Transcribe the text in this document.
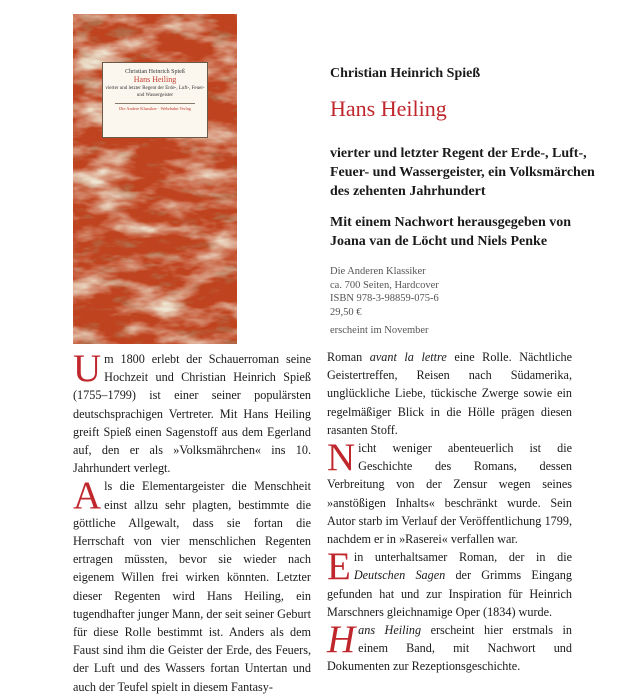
Christian Heinrich Spieß
Hans Heiling
vierter und letzter Regent der Erde-, Luft-, Feuer- und Wassergeister
Die Andere Klassiker · Wehrhahn Verlag
Christian Heinrich Spieß
Hans Heiling
vierter und letzter Regent der Erde-, Luft-, Feuer- und Wassergeister, ein Volksmärchen des zehenten Jahrhundert
Mit einem Nachwort herausgegeben von Joana van de Löcht und Niels Penke
Die Anderen Klassiker
ca. 700 Seiten, Hardcover
ISBN 978-3-98859-075-6
29,50 €
erscheint im November

Um 1800 erlebt der Schauerroman seine Hochzeit und Christian Heinrich Spieß (1755–1799) ist einer seiner populärsten deutschsprachigen Vertreter. Mit Hans Heiling greift Spieß einen Sagenstoff aus dem Egerland auf, den er als »Volksmährchen« ins 10. Jahrhundert verlegt.

Als die Elementargeister die Menschheit einst allzu sehr plagten, bestimmte die göttliche Allgewalt, dass sie fortan die Herrschaft von vier menschlichen Regenten ertragen müssten, bevor sie wieder nach eigenem Willen frei wirken könnten. Letzter dieser Regenten wird Hans Heiling, ein tugendhafter junger Mann, der seit seiner Geburt für diese Rolle bestimmt ist. Anders als dem Faust sind ihm die Geister der Erde, des Feuers, der Luft und des Wassers fortan Untertan und auch der Teufel spielt in diesem Fantasy-

Roman avant la lettre eine Rolle. Nächtliche Geistertreffen, Reisen nach Südamerika, unglückliche Liebe, tückische Zwerge sowie ein regelmäßiger Blick in die Hölle prägen diesen rasanten Stoff.

Nicht weniger abenteuerlich ist die Geschichte des Romans, dessen Verbreitung von der Zensur wegen seines »anstößigen Inhalts« beschränkt wurde. Sein Autor starb im Verlauf der Veröffentlichung 1799, nachdem er in »Raserei« verfallen war.

Ein unterhaltsamer Roman, der in die Deutschen Sagen der Grimms Eingang gefunden hat und zur Inspiration für Heinrich Marschners gleichnamige Oper (1834) wurde.

Hans Heiling erscheint hier erstmals in einem Band, mit Nachwort und Dokumenten zur Rezeptionsgeschichte.
